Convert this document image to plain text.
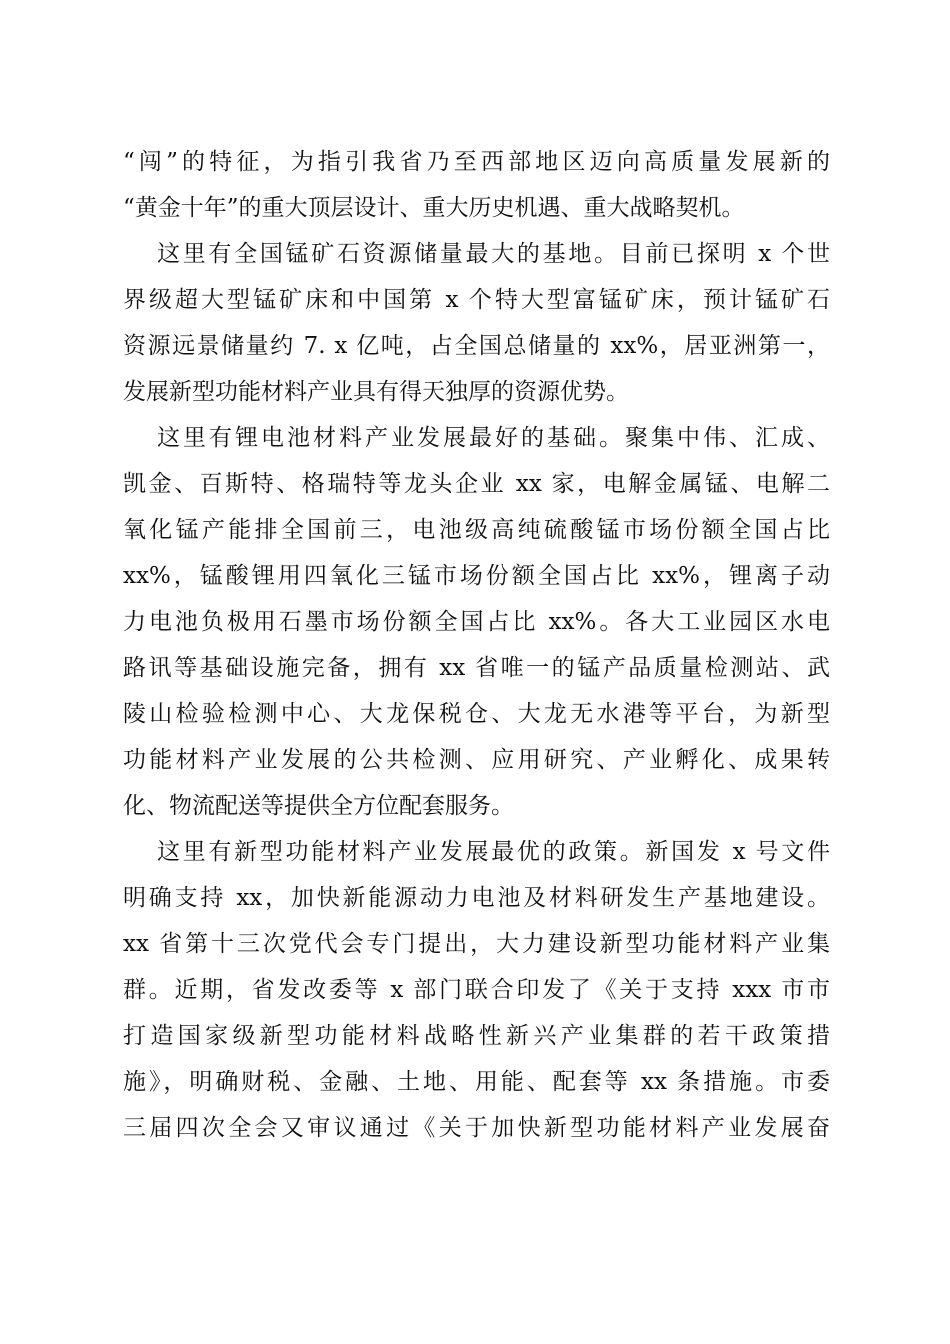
“闯”的特征，为指引我省乃至西部地区迈向高质量发展新的
“黄金十年”的重大顶层设计、重大历史机遇、重大战略契机。
这里有全国锰矿石资源储量最大的基地。目前已探明 x 个世
界级超大型锰矿床和中国第 x 个特大型富锰矿床，预计锰矿石
资源远景储量约 7. x 亿吨，占全国总储量的 xx%，居亚洲第一，
发展新型功能材料产业具有得天独厚的资源优势。
这里有锂电池材料产业发展最好的基础。聚集中伟、汇成、
凯金、百斯特、格瑞特等龙头企业 xx 家，电解金属锰、电解二
氧化锰产能排全国前三，电池级高纯硫酸锰市场份额全国占比
xx%，锰酸锂用四氧化三锰市场份额全国占比 xx%，锂离子动
力电池负极用石墨市场份额全国占比 xx%。各大工业园区水电
路讯等基础设施完备，拥有 xx 省唯一的锰产品质量检测站、武
陵山检验检测中心、大龙保税仓、大龙无水港等平台，为新型
功能材料产业发展的公共检测、应用研究、产业孵化、成果转
化、物流配送等提供全方位配套服务。
这里有新型功能材料产业发展最优的政策。新国发 x 号文件
明确支持 xx，加快新能源动力电池及材料研发生产基地建设。
xx 省第十三次党代会专门提出，大力建设新型功能材料产业集
群。近期，省发改委等 x 部门联合印发了《关于支持 xxx 市市
打造国家级新型功能材料战略性新兴产业集群的若干政策措
施》，明确财税、金融、土地、用能、配套等 xx 条措施。市委
三届四次全会又审议通过《关于加快新型功能材料产业发展奋
